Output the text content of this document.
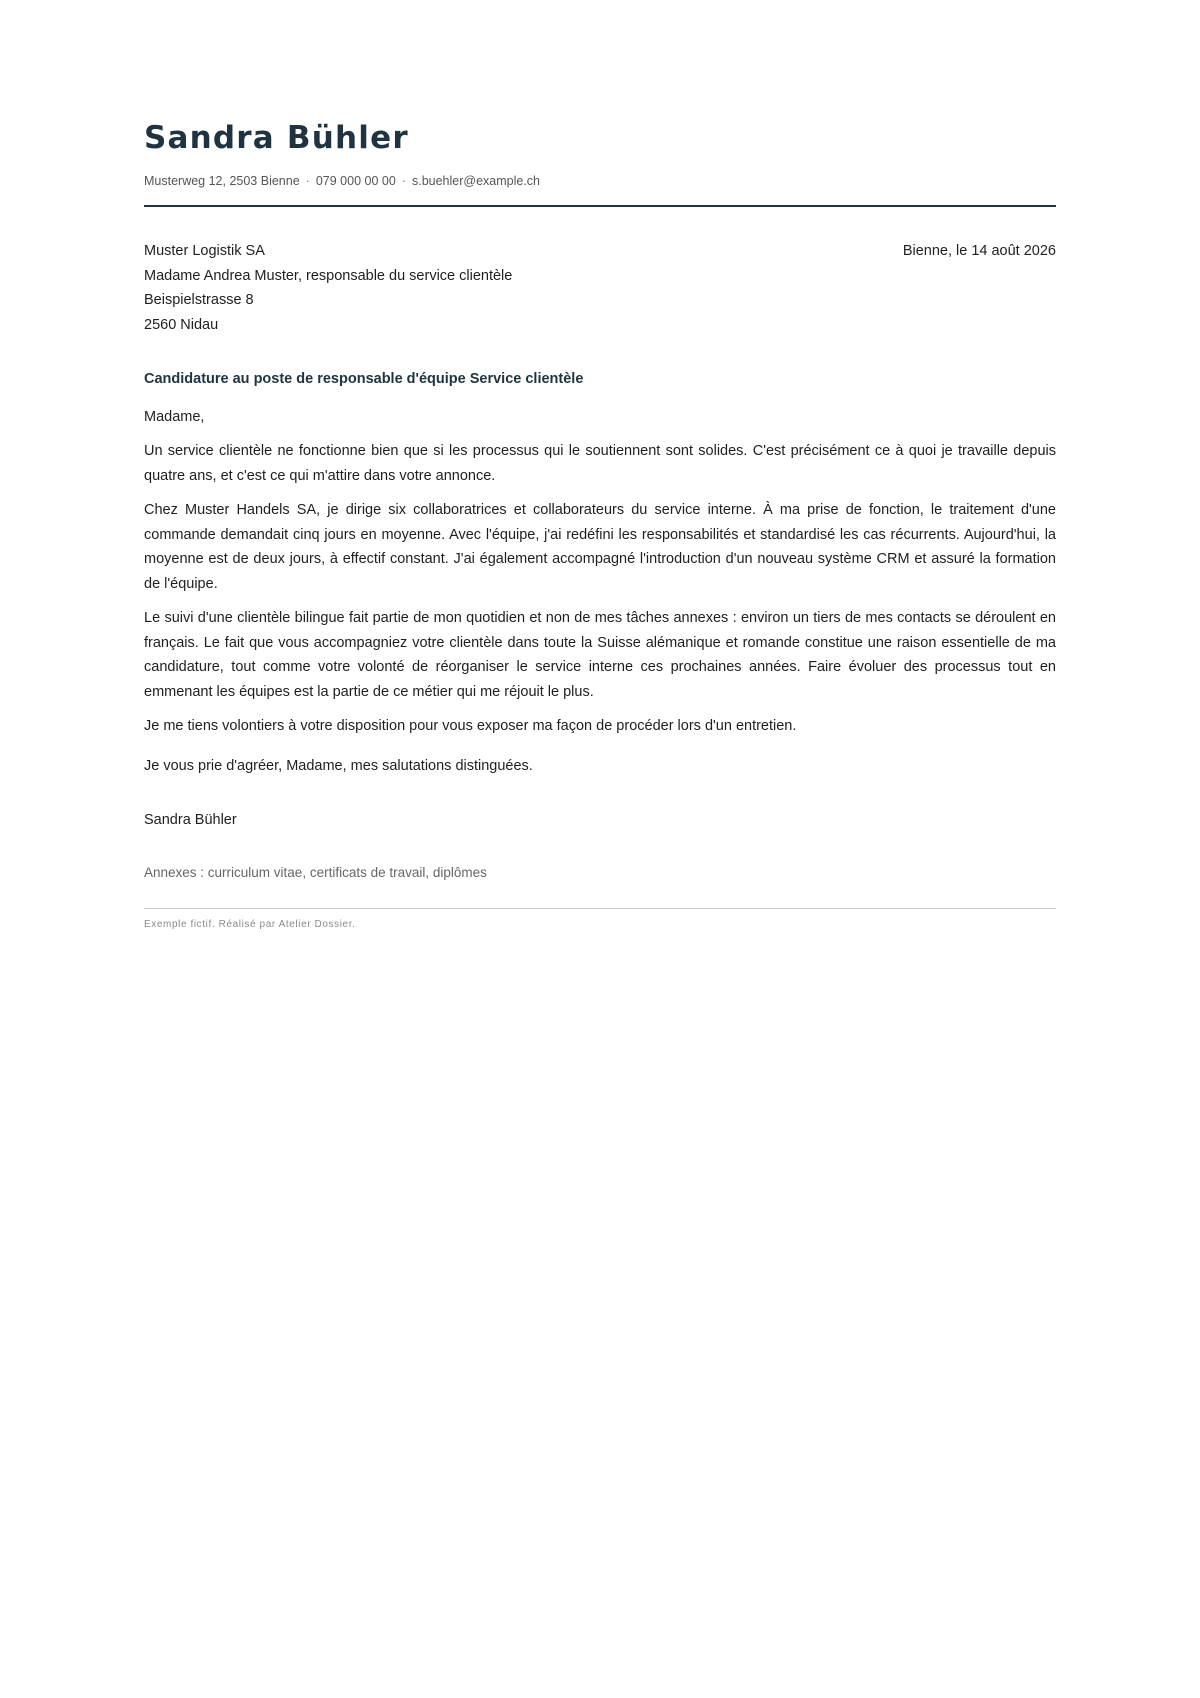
Sandra Bühler
Musterweg 12, 2503 Bienne · 079 000 00 00 · s.buehler@example.ch
Muster Logistik SA
Madame Andrea Muster, responsable du service clientèle
Beispielstrasse 8
2560 Nidau
Bienne, le 14 août 2026
Candidature au poste de responsable d'équipe Service clientèle
Madame,
Un service clientèle ne fonctionne bien que si les processus qui le soutiennent sont solides. C'est précisément ce à quoi je travaille depuis quatre ans, et c'est ce qui m'attire dans votre annonce.
Chez Muster Handels SA, je dirige six collaboratrices et collaborateurs du service interne. À ma prise de fonction, le traitement d'une commande demandait cinq jours en moyenne. Avec l'équipe, j'ai redéfini les responsabilités et standardisé les cas récurrents. Aujourd'hui, la moyenne est de deux jours, à effectif constant. J'ai également accompagné l'introduction d'un nouveau système CRM et assuré la formation de l'équipe.
Le suivi d'une clientèle bilingue fait partie de mon quotidien et non de mes tâches annexes : environ un tiers de mes contacts se déroulent en français. Le fait que vous accompagniez votre clientèle dans toute la Suisse alémanique et romande constitue une raison essentielle de ma candidature, tout comme votre volonté de réorganiser le service interne ces prochaines années. Faire évoluer des processus tout en emmenant les équipes est la partie de ce métier qui me réjouit le plus.
Je me tiens volontiers à votre disposition pour vous exposer ma façon de procéder lors d'un entretien.
Je vous prie d'agréer, Madame, mes salutations distinguées.
Sandra Bühler
Annexes : curriculum vitae, certificats de travail, diplômes
Exemple fictif. Réalisé par Atelier Dossier.
